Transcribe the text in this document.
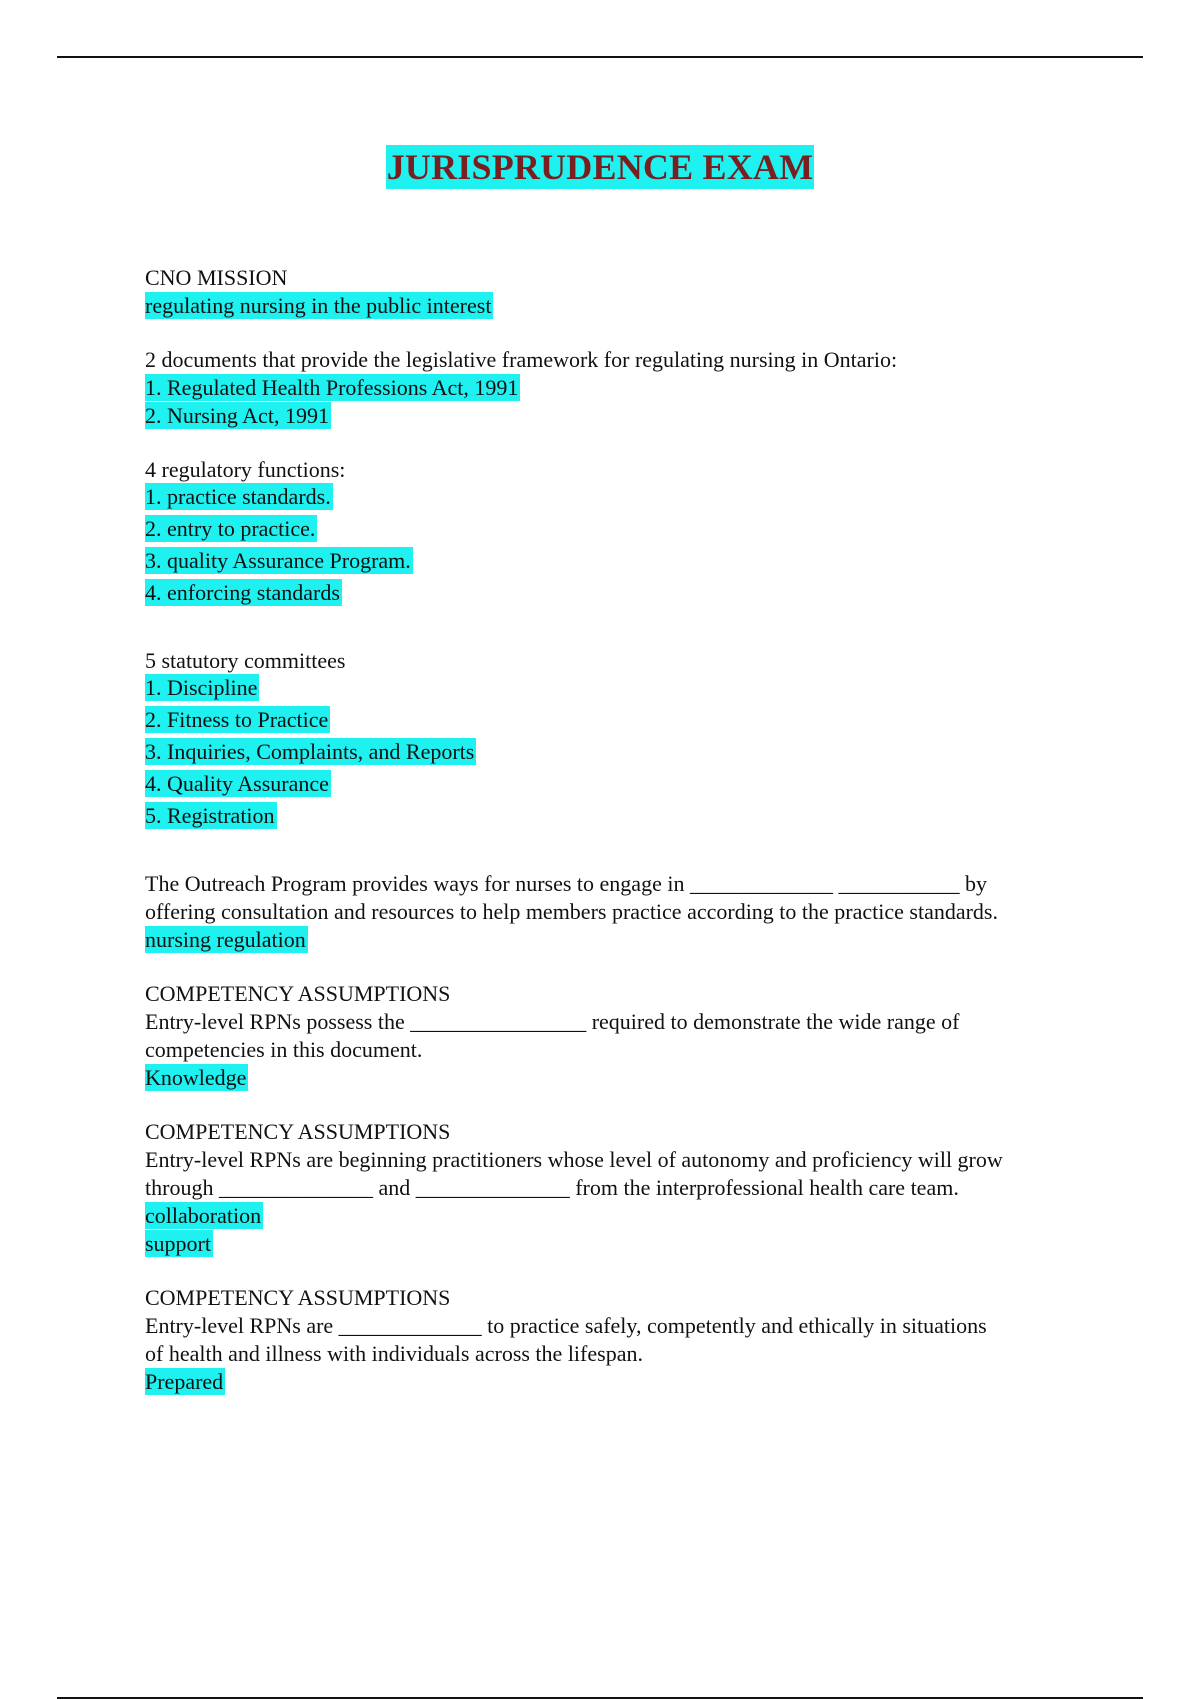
JURISPRUDENCE EXAM
CNO MISSION
regulating nursing in the public interest
2 documents that provide the legislative framework for regulating nursing in Ontario:
1. Regulated Health Professions Act, 1991
2. Nursing Act, 1991
4 regulatory functions:
1. practice standards.
2. entry to practice.
3. quality Assurance Program.
4. enforcing standards
5 statutory committees
1. Discipline
2. Fitness to Practice
3. Inquiries, Complaints, and Reports
4. Quality Assurance
5. Registration
The Outreach Program provides ways for nurses to engage in _____________ ___________ by
offering consultation and resources to help members practice according to the practice standards.
nursing regulation
COMPETENCY ASSUMPTIONS
Entry-level RPNs possess the ________________ required to demonstrate the wide range of
competencies in this document.
Knowledge
COMPETENCY ASSUMPTIONS
Entry-level RPNs are beginning practitioners whose level of autonomy and proficiency will grow
through ______________ and ______________ from the interprofessional health care team.
collaboration
support
COMPETENCY ASSUMPTIONS
Entry-level RPNs are _____________ to practice safely, competently and ethically in situations
of health and illness with individuals across the lifespan.
Prepared
